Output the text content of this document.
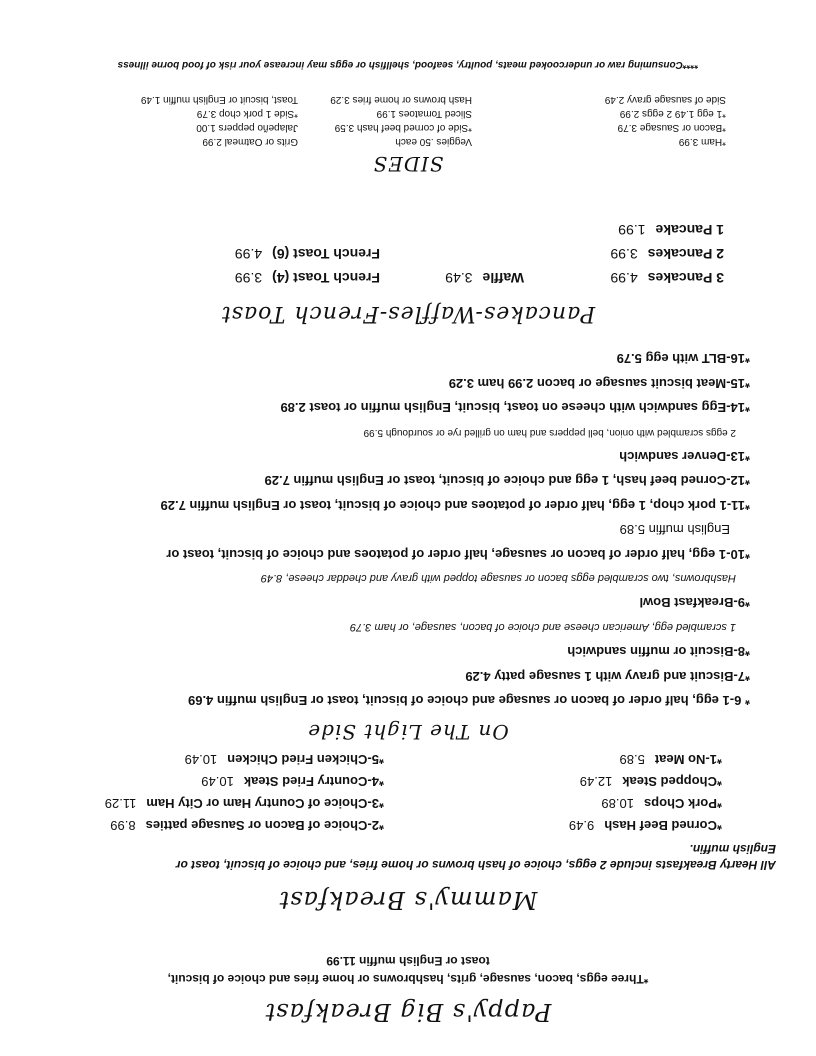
Pappy's Big Breakfast
*Three eggs, bacon, sausage, grits, hashbrowns or home fries and choice of biscuit,
toast or English muffin 11.99
Mammy's Breakfast
All Hearty Breakfasts include 2 eggs, choice of hash browns or home fries, and choice of biscuit, toast or
English muffin.
*Corned Beef Hash9.49
*Pork Chops10.89
*Chopped Steak12.49
*1-No Meat5.89
*2-Choice of Bacon or Sausage patties8.99
*3-Choice of Country Ham or City Ham11.29
*4-Country Fried Steak10.49
*5-Chicken Fried Chicken10.49
On The Light Side
* 6-1 egg, half order of bacon or sausage and choice of biscuit, toast or English muffin 4.69
*7-Biscuit and gravy with 1 sausage patty 4.29
*8-Biscuit or muffin sandwich
1 scrambled egg, American cheese and choice of bacon, sausage, or ham 3.79
*9-Breakfast Bowl
Hashbrowns, two scrambled eggs bacon or sausage topped with gravy and cheddar cheese, 8.49
*10-1 egg, half order of bacon or sausage, half order of potatoes and choice of biscuit, toast or
English muffin 5.89
*11-1 pork chop, 1 egg, half order of potatoes and choice of biscuit, toast or English muffin 7.29
*12-Corned beef hash, 1 egg and choice of biscuit, toast or English muffin 7.29
*13-Denver sandwich
2 eggs scrambled with onion, bell peppers and ham on grilled rye or sourdough 5.99
*14-Egg sandwich with cheese on toast, biscuit, English muffin or toast 2.89
*15-Meat biscuit sausage or bacon 2.99 ham 3.29
*16-BLT with egg 5.79
Pancakes-Waffles-French Toast
3 Pancakes4.99
2 Pancakes3.99
1 Pancake1.99
Waffle3.49
French Toast (4)3.99
French Toast (6)4.99
SIDES
*Ham 3.99
*Bacon or Sausage 3.79
*1 egg 1.49 2 eggs 2.99
Side of sausage gravy 2.49
Veggies .50 each
*Side of corned beef hash 3.59
Sliced Tomatoes 1.99
Hash browns or home fries 3.29
Grits or Oatmeal 2.99
Jalapeño peppers 1.00
*Side 1 pork chop 3.79
Toast, biscuit or English muffin 1.49
****Consuming raw or undercooked meats, poultry, seafood, shellfish or eggs may increase your risk of food borne illness
